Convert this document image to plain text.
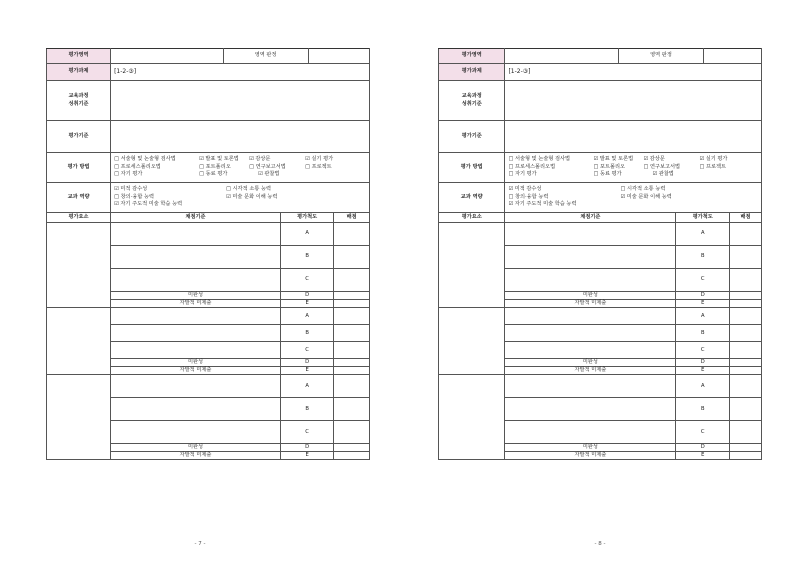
평가영역		영역 판정			
평가과제	[1-2-③]				

교육과정
성취기준					

평가기준					
평가 방법	□ 서술형 및 논술형 검사법 ☑ 발표 및 토론법 ☑ 감상문 ☑ 실기 평가
□ 프로세스폴리오법 □ 포트폴리오 □ 연구보고서법 □ 프로젝트
□ 자기 평가 □ 동료 평가 ☑ 관찰법				

교과 역량	☑ 미적 감수성 □ 시각적 소통 능력
□ 창의·융합 능력 ☑ 미술 문화 이해 능력
☑ 자기 주도적 미술 학습 능력				

평가요소	채점기준		평가척도		배점
			A		
			B		
			C		
	미완성		D		
	자발적 미제출		E		
			A		
			B		
			C		
	미완성		D		
	자발적 미제출		E		
			A		
			B		
			C		
	미완성		D		
	자발적 미제출		E		
- 7 -
평가영역		영역 판정			
평가과제	[1-2-③]				

교육과정
성취기준					

평가기준					
평가 방법	□ 서술형 및 논술형 검사법 ☑ 발표 및 토론법 ☑ 감상문 ☑ 실기 평가
□ 프로세스폴리오법 □ 포트폴리오 □ 연구보고서법 □ 프로젝트
□ 자기 평가 □ 동료 평가 ☑ 관찰법				

교과 역량	☑ 미적 감수성 □ 시각적 소통 능력
□ 창의·융합 능력 ☑ 미술 문화 이해 능력
☑ 자기 주도적 미술 학습 능력				

평가요소	채점기준		평가척도		배점
			A		
			B		
			C		
	미완성		D		
	자발적 미제출		E		
			A		
			B		
			C		
	미완성		D		
	자발적 미제출		E		
			A		
			B		
			C		
	미완성		D		
	자발적 미제출		E		
- 8 -
